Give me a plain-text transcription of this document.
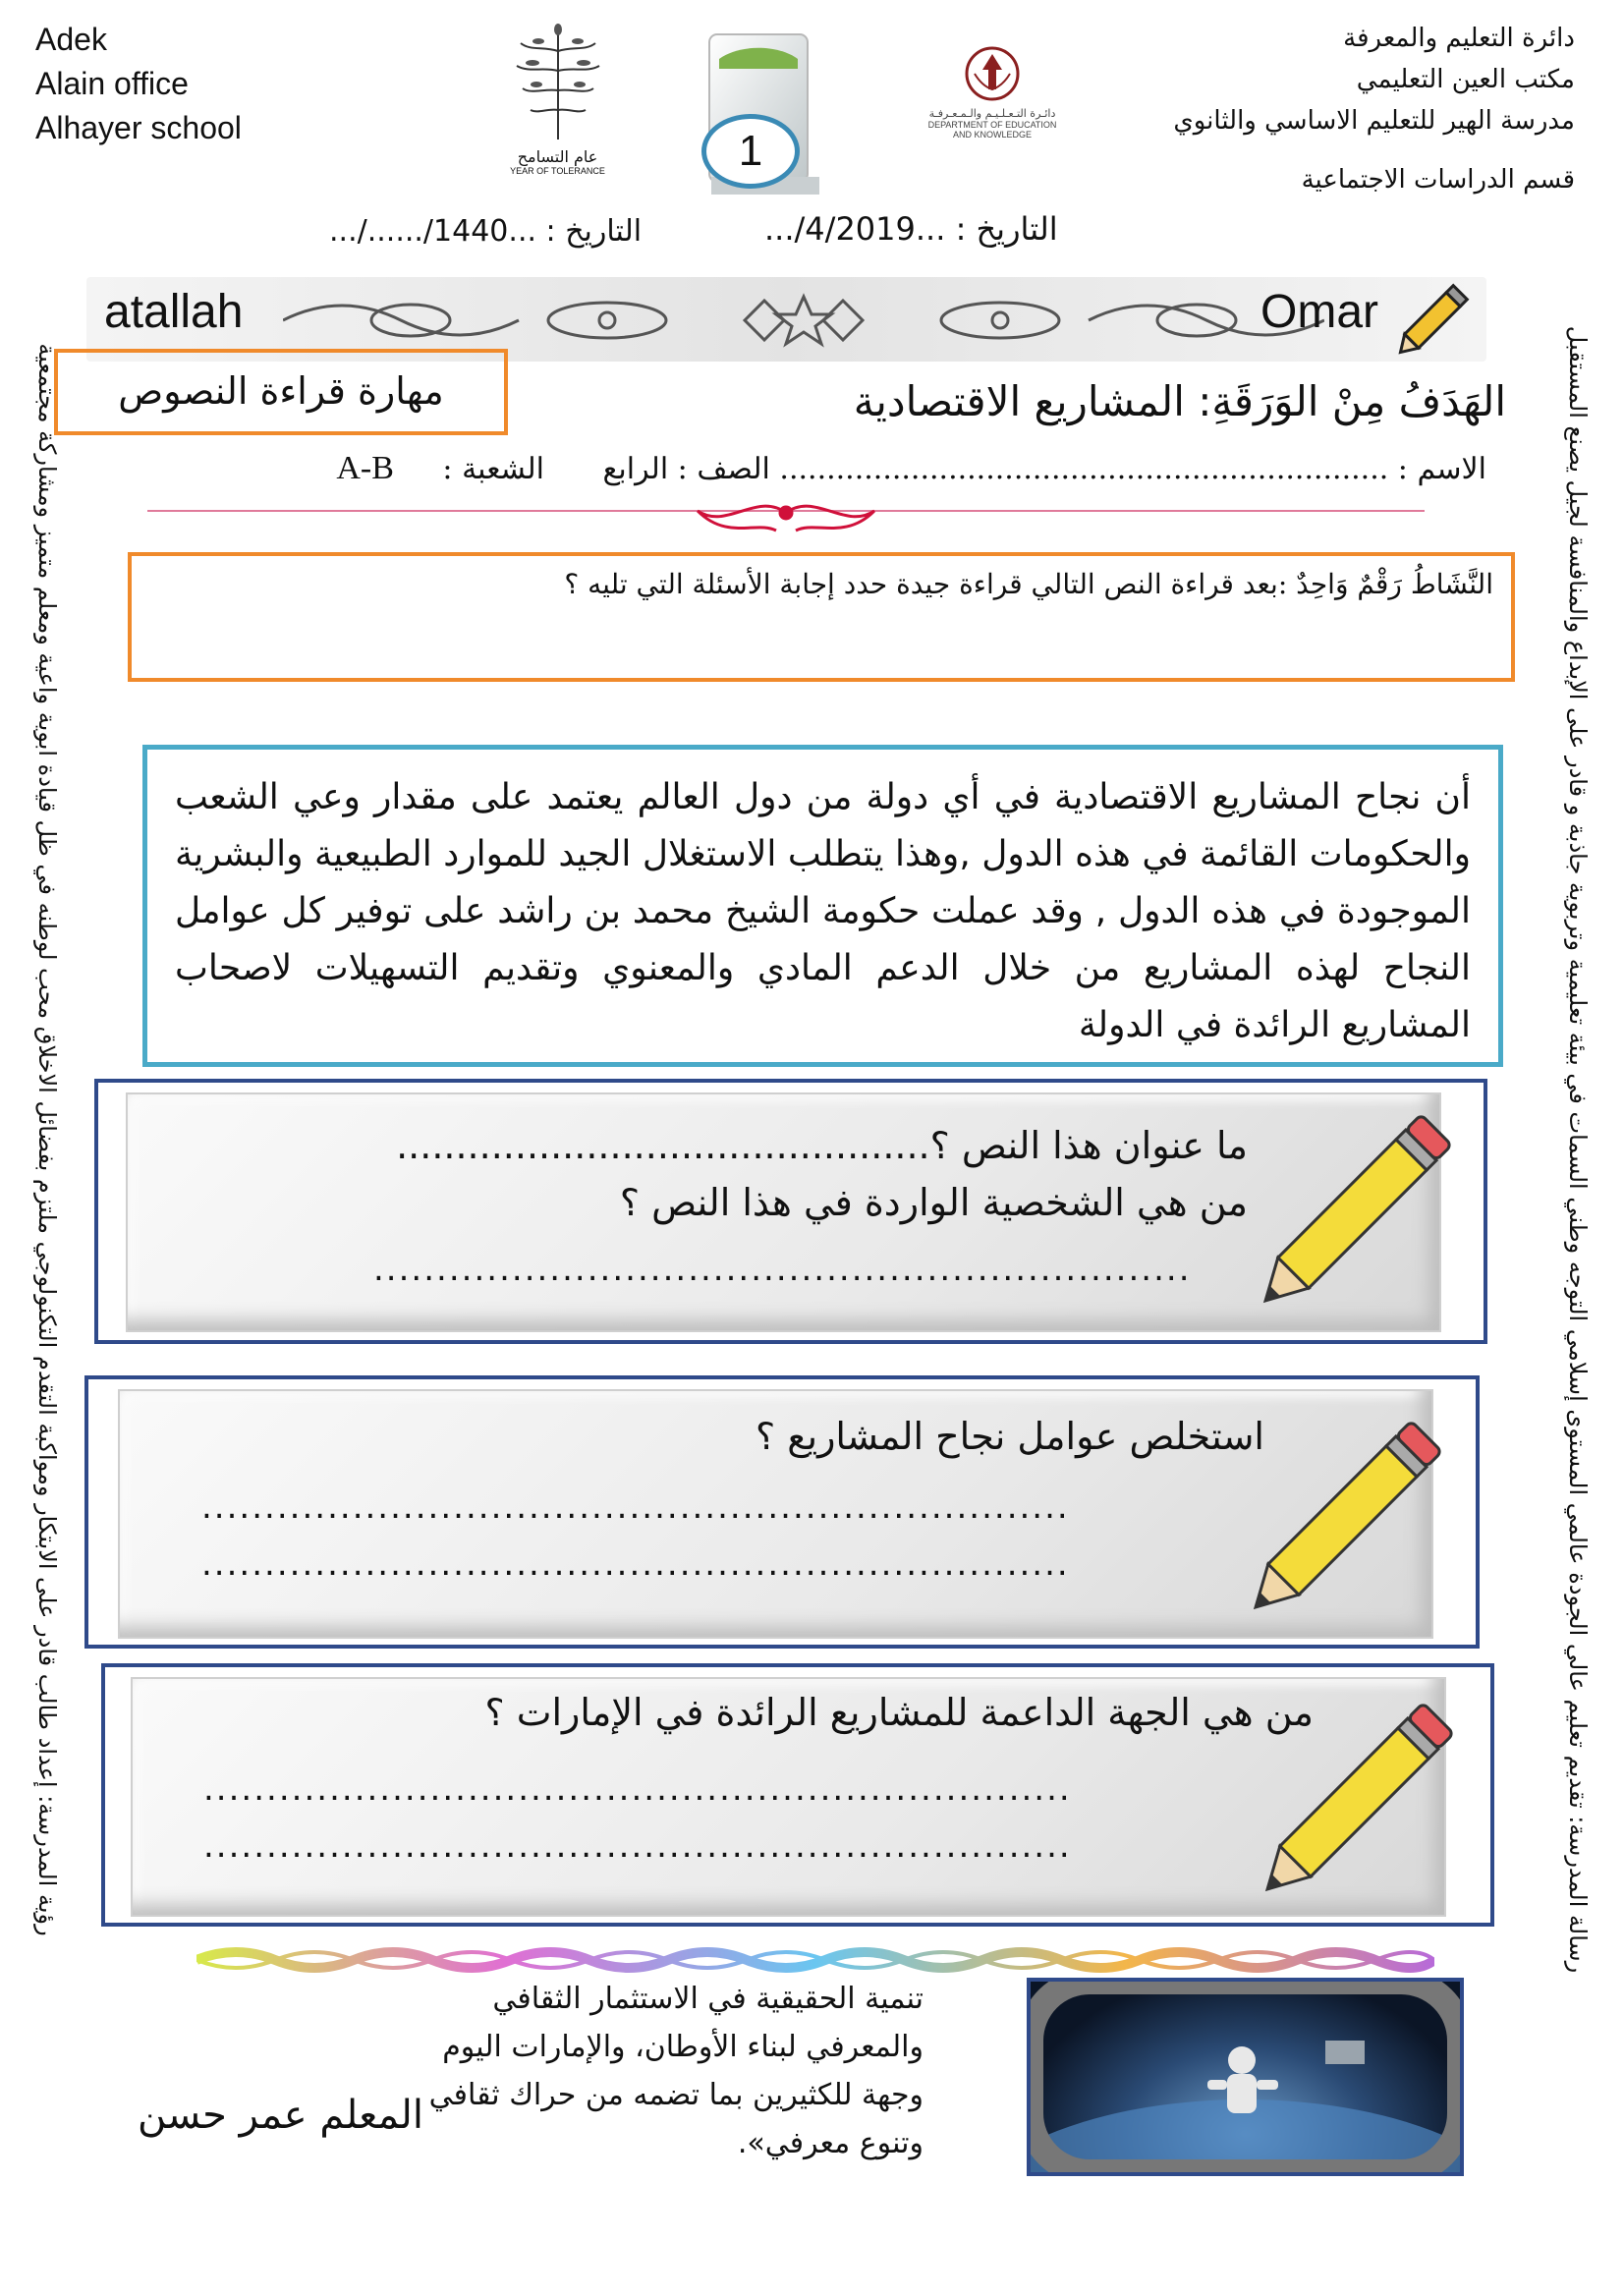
Adek
Alain office
Alhayer school
دائرة التعليم والمعرفة
مكتب العين التعليمي
مدرسة الهير للتعليم الاساسي والثانوي
قسم الدراسات الاجتماعية
عام التسامح
YEAR OF TOLERANCE	1
دائـرة التـعـلـيـم والـمـعـرفـة
DEPARTMENT OF EDUCATION
AND KNOWLEDGE
التاريخ : ...1440/....../...	التاريخ : ...4/2019/...
atallah	Omar
مهارة قراءة النصوص	الهَدَفُ مِنْ الوَرَقَةِ: المشاريع الاقتصادية
الاسم : ................................................................. الصف : الرابع الشعبة : A-B
النَّشَاطُ رَقْمٌ وَاحِدٌ :بعد قراءة النص التالي قراءة جيدة حدد إجابة الأسئلة التي تليه ؟
أن نجاح المشاريع الاقتصادية في أي دولة من دول العالم يعتمد على مقدار وعي الشعب والحكومات القائمة في هذه الدول ,وهذا يتطلب الاستغلال الجيد للموارد الطبيعية والبشرية الموجودة في هذه الدول , وقد عملت حكومة الشيخ محمد بن راشد على توفير كل عوامل النجاح لهذه المشاريع من خلال الدعم المادي والمعنوي وتقديم التسهيلات لاصحاب المشاريع الرائدة في الدولة
ما عنوان هذا النص ؟.............................................
من هي الشخصية الواردة في هذا النص ؟
.................................................................
استخلص عوامل نجاح المشاريع ؟
.....................................................................
.....................................................................
من هي الجهة الداعمة للمشاريع الرائدة في الإمارات ؟
.....................................................................
.....................................................................
تنمية الحقيقية في الاستثمار الثقافي والمعرفي لبناء الأوطان، والإمارات اليوم وجهة للكثيرين بما تضمه من حراك ثقافي وتنوع معرفي».
المعلم عمر حسن
رؤية المدرسة: إعداد طالب قادر على الابتكار ومواكبة التقدم التكنولوجي ملتزم بفضائل الاخلاق محب لوطنه في ظل قيادة ابوية واعية ومعلم متميز ومشاركة مجتمعية	رسالة المدرسة: تقديم تعليم عالي الجودة عالمي المستوى إسلامي التوجه وطني السمات في بيئة تعليمية وتربوية جاذبة و قادر على الإبداع والمنافسة لجيل يصنع المستقبل
